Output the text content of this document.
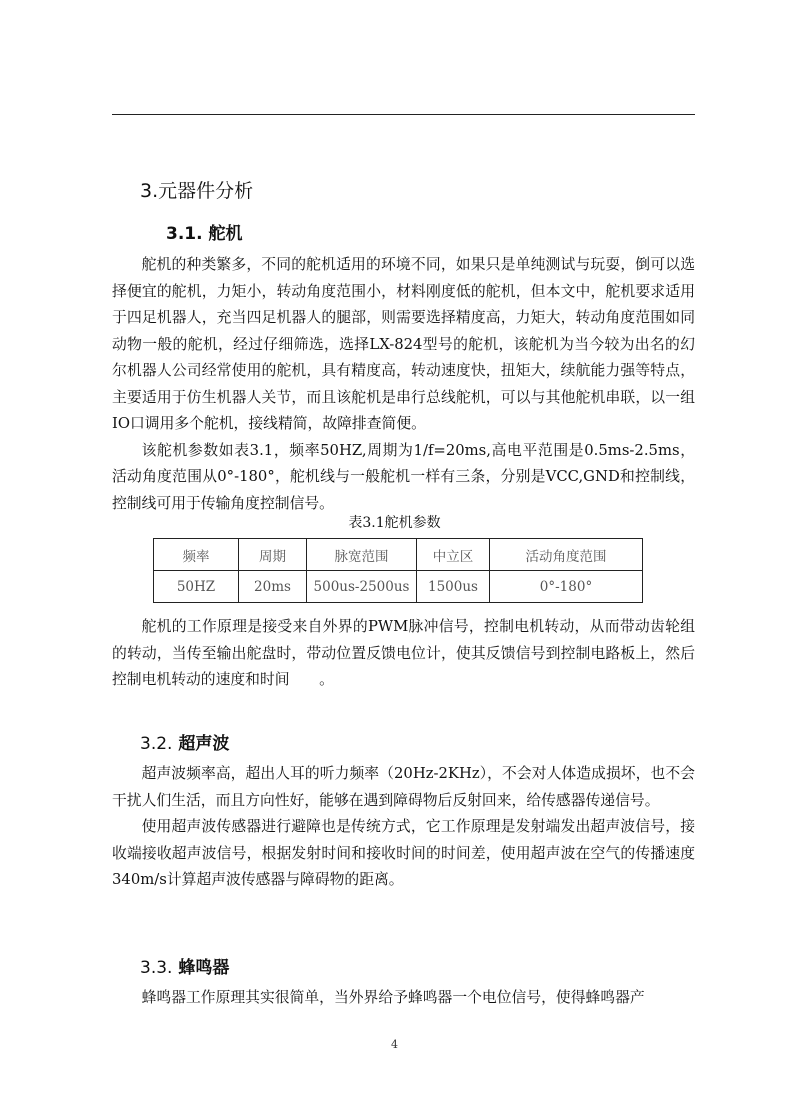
3.元器件分析
3.1. 舵机

舵机的种类繁多，不同的舵机适用的环境不同，如果只是单纯测试与玩耍，倒可以选择便宜的舵机，力矩小，转动角度范围小，材料刚度低的舵机，但本文中，舵机要求适用于四足机器人，充当四足机器人的腿部，则需要选择精度高，力矩大，转动角度范围如同动物一般的舵机，经过仔细筛选，选择LX-824型号的舵机，该舵机为当今较为出名的幻尔机器人公司经常使用的舵机，具有精度高，转动速度快，扭矩大，续航能力强等特点，主要适用于仿生机器人关节，而且该舵机是串行总线舵机，可以与其他舵机串联，以一组IO口调用多个舵机，接线精简，故障排查简便。

该舵机参数如表3.1，频率50HZ,周期为1/f=20ms,高电平范围是0.5ms-2.5ms，活动角度范围从0°-180°，舵机线与一般舵机一样有三条，分别是VCC,GND和控制线，控制线可用于传输角度控制信号。

表3.1舵机参数
频率	周期	脉宽范围	中立区	活动角度范围
50HZ	20ms	500us-2500us	1500us	0°-180°

舵机的工作原理是接受来自外界的PWM脉冲信号，控制电机转动，从而带动齿轮组的转动，当传至输出舵盘时，带动位置反馈电位计，使其反馈信号到控制电路板上，然后控制电机转动的速度和时间　　。

3.2. 超声波

超声波频率高，超出人耳的听力频率（20Hz-2KHz），不会对人体造成损坏，也不会干扰人们生活，而且方向性好，能够在遇到障碍物后反射回来，给传感器传递信号。

使用超声波传感器进行避障也是传统方式，它工作原理是发射端发出超声波信号，接收端接收超声波信号，根据发射时间和接收时间的时间差，使用超声波在空气的传播速度340m/s计算超声波传感器与障碍物的距离。

3.3. 蜂鸣器

蜂鸣器工作原理其实很简单，当外界给予蜂鸣器一个电位信号，使得蜂鸣器产

4
